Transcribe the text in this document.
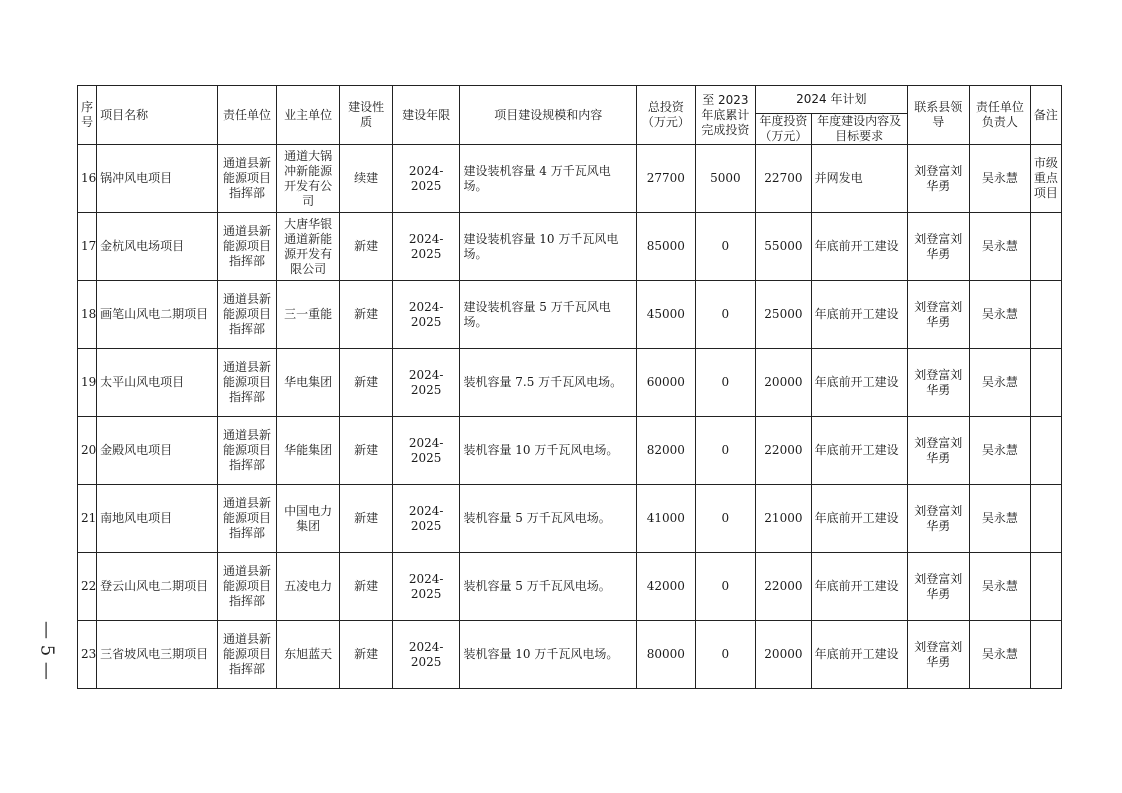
序号	项目名称	责任单位	业主单位	建设性质	建设年限	项目建设规模和内容	总投资（万元）	至 2023 年底累计完成投资	2024 年计划		联系县领导	责任单位负责人	备注
									年度投资（万元）	年度建设内容及目标要求			
16	锅冲风电项目	通道县新能源项目指挥部	通道大锅冲新能源开发有公司	续建	2024-2025	建设装机容量 4 万千瓦风电场。	27700	5000	22700	并网发电	刘登富刘华勇	吴永慧	市级重点项目
17	金杭风电场项目	通道县新能源项目指挥部	大唐华银通道新能源开发有限公司	新建	2024-2025	建设装机容量 10 万千瓦风电场。	85000	0	55000	年底前开工建设	刘登富刘华勇	吴永慧	
18	画笔山风电二期项目	通道县新能源项目指挥部	三一重能	新建	2024-2025	建设装机容量 5 万千瓦风电场。	45000	0	25000	年底前开工建设	刘登富刘华勇	吴永慧	
19	太平山风电项目	通道县新能源项目指挥部	华电集团	新建	2024-2025	装机容量 7.5 万千瓦风电场。	60000	0	20000	年底前开工建设	刘登富刘华勇	吴永慧	
20	金殿风电项目	通道县新能源项目指挥部	华能集团	新建	2024-2025	装机容量 10 万千瓦风电场。	82000	0	22000	年底前开工建设	刘登富刘华勇	吴永慧	
21	南地风电项目	通道县新能源项目指挥部	中国电力集团	新建	2024-2025	装机容量 5 万千瓦风电场。	41000	0	21000	年底前开工建设	刘登富刘华勇	吴永慧	
22	登云山风电二期项目	通道县新能源项目指挥部	五凌电力	新建	2024-2025	装机容量 5 万千瓦风电场。	42000	0	22000	年底前开工建设	刘登富刘华勇	吴永慧	
23	三省坡风电三期项目	通道县新能源项目指挥部	东旭蓝天	新建	2024-2025	装机容量 10 万千瓦风电场。	80000	0	20000	年底前开工建设	刘登富刘华勇	吴永慧	
— 5 —
